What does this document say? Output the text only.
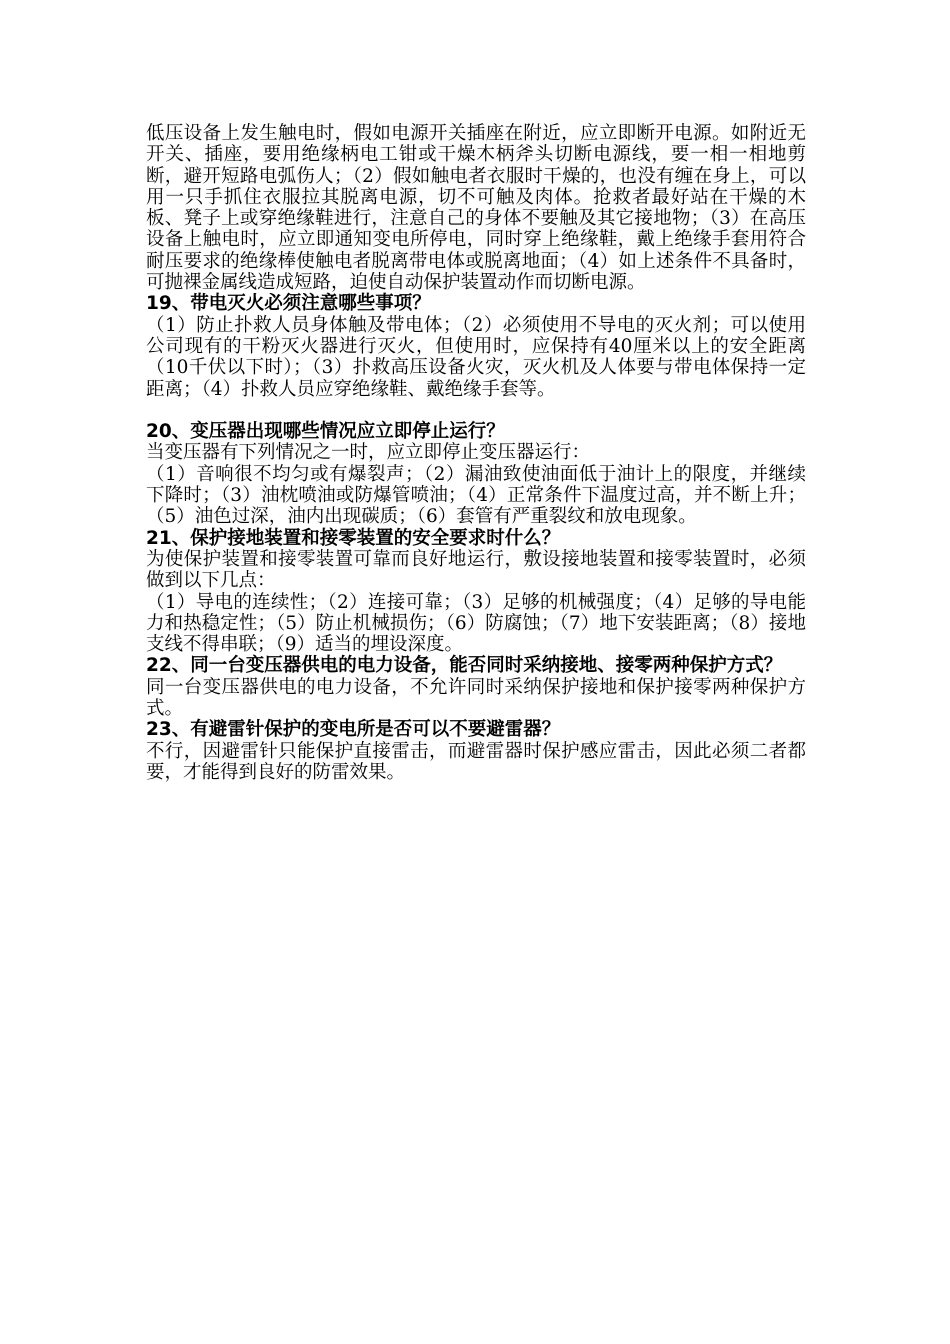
低压设备上发生触电时，假如电源开关插座在附近，应立即断开电源。如附近无开关、插座，要用绝缘柄电工钳或干燥木柄斧头切断电源线，要一相一相地剪断，避开短路电弧伤人；（2）假如触电者衣服时干燥的，也没有缠在身上，可以用一只手抓住衣服拉其脱离电源，切不可触及肉体。抢救者最好站在干燥的木板、凳子上或穿绝缘鞋进行，注意自己的身体不要触及其它接地物；（3）在高压设备上触电时，应立即通知变电所停电，同时穿上绝缘鞋，戴上绝缘手套用符合耐压要求的绝缘棒使触电者脱离带电体或脱离地面；（4）如上述条件不具备时，可抛裸金属线造成短路，迫使自动保护装置动作而切断电源。

19、带电灭火必须注意哪些事项？

（1）防止扑救人员身体触及带电体；（2）必须使用不导电的灭火剂；可以使用公司现有的干粉灭火器进行灭火，但使用时，应保持有40厘米以上的安全距离（10千伏以下时）；（3）扑救高压设备火灾，灭火机及人体要与带电体保持一定距离；（4）扑救人员应穿绝缘鞋、戴绝缘手套等。

20、变压器出现哪些情况应立即停止运行？

当变压器有下列情况之一时，应立即停止变压器运行：

（1）音响很不均匀或有爆裂声；（2）漏油致使油面低于油计上的限度，并继续下降时；（3）油枕喷油或防爆管喷油；（4）正常条件下温度过高，并不断上升；（5）油色过深，油内出现碳质；（6）套管有严重裂纹和放电现象。

21、保护接地装置和接零装置的安全要求时什么？

为使保护装置和接零装置可靠而良好地运行，敷设接地装置和接零装置时，必须做到以下几点：

（1）导电的连续性；（2）连接可靠；（3）足够的机械强度；（4）足够的导电能力和热稳定性；（5）防止机械损伤；（6）防腐蚀；（7）地下安装距离；（8）接地支线不得串联；（9）适当的埋设深度。

22、同一台变压器供电的电力设备，能否同时采纳接地、接零两种保护方式？

同一台变压器供电的电力设备，不允许同时采纳保护接地和保护接零两种保护方式。

23、有避雷针保护的变电所是否可以不要避雷器？

不行，因避雷针只能保护直接雷击，而避雷器时保护感应雷击，因此必须二者都要，才能得到良好的防雷效果。
